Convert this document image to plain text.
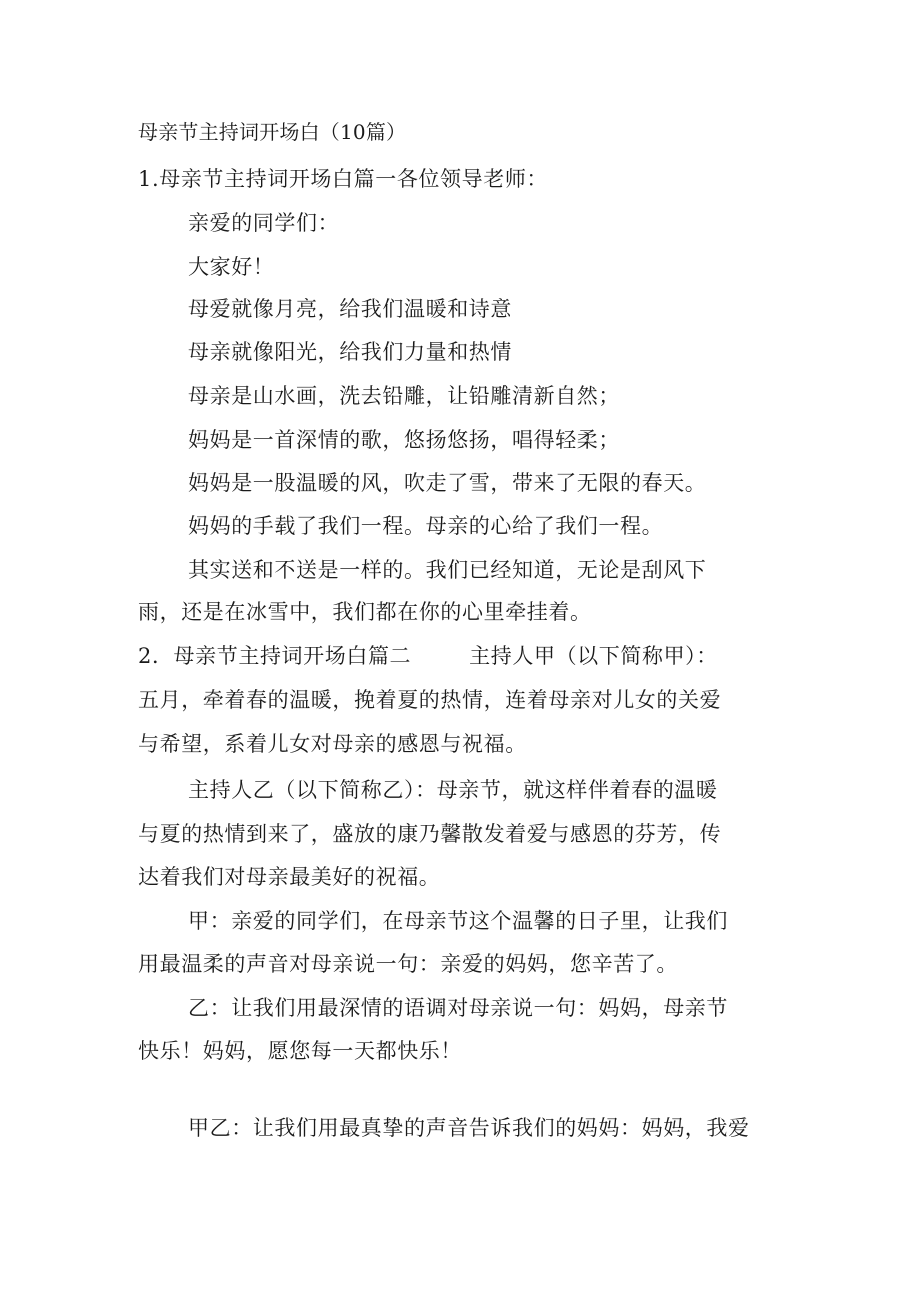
母亲节主持词开场白（10篇）

1.母亲节主持词开场白篇一各位领导老师：

亲爱的同学们：

大家好！

母爱就像月亮，给我们温暖和诗意

母亲就像阳光，给我们力量和热情

母亲是山水画，洗去铅雕，让铅雕清新自然；

妈妈是一首深情的歌，悠扬悠扬，唱得轻柔；

妈妈是一股温暖的风，吹走了雪，带来了无限的春天。

妈妈的手载了我们一程。母亲的心给了我们一程。

其实送和不送是一样的。我们已经知道，无论是刮风下

雨，还是在冰雪中，我们都在你的心里牵挂着。

2．母亲节主持词开场白篇二	主持人甲（以下简称甲）：

五月，牵着春的温暖，挽着夏的热情，连着母亲对儿女的关爱

与希望，系着儿女对母亲的感恩与祝福。

主持人乙（以下简称乙）：母亲节，就这样伴着春的温暖

与夏的热情到来了，盛放的康乃馨散发着爱与感恩的芬芳，传

达着我们对母亲最美好的祝福。

甲：亲爱的同学们，在母亲节这个温馨的日子里，让我们

用最温柔的声音对母亲说一句：亲爱的妈妈，您辛苦了。

乙：让我们用最深情的语调对母亲说一句：妈妈，母亲节

快乐！妈妈，愿您每一天都快乐！

甲乙：让我们用最真挚的声音告诉我们的妈妈：妈妈，我爱
